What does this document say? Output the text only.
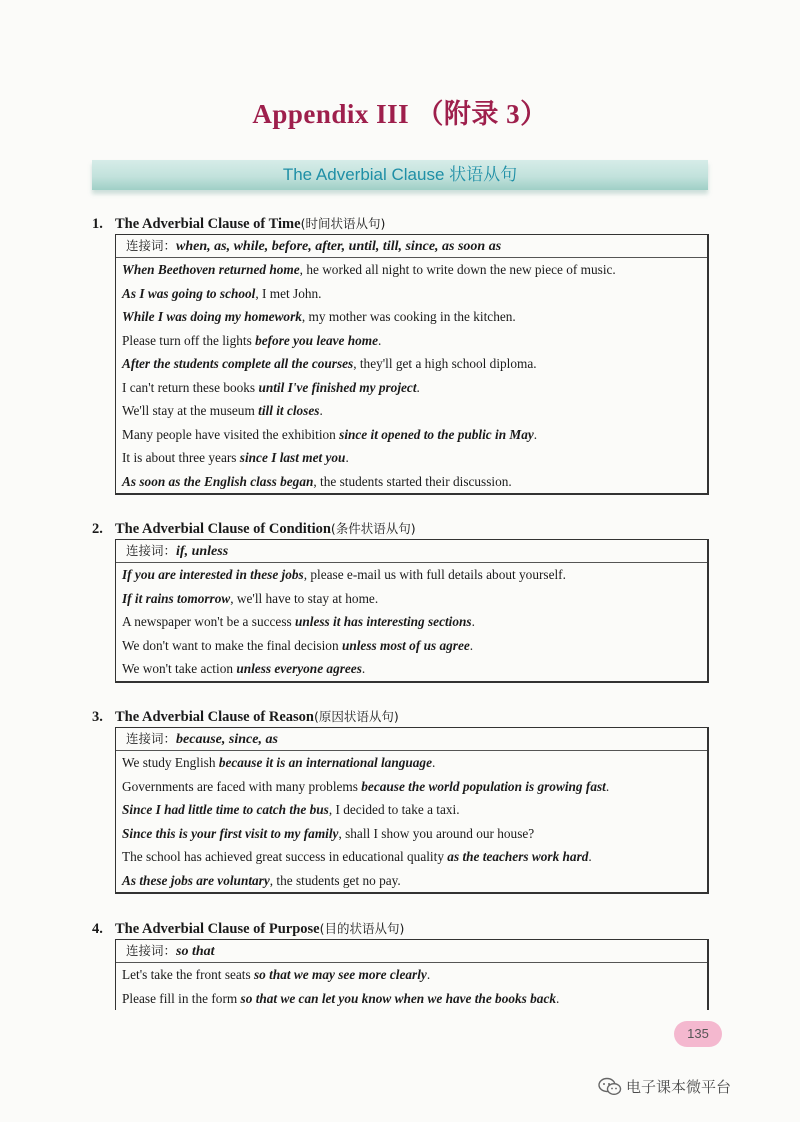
Appendix III （附录 3）
The Adverbial Clause 状语从句
1. The Adverbial Clause of Time(时间状语从句)
连接词：when, as, while, before, after, until, till, since, as soon as
When Beethoven returned home, he worked all night to write down the new piece of music.
As I was going to school, I met John.
While I was doing my homework, my mother was cooking in the kitchen.
Please turn off the lights before you leave home.
After the students complete all the courses, they'll get a high school diploma.
I can't return these books until I've finished my project.
We'll stay at the museum till it closes.
Many people have visited the exhibition since it opened to the public in May.
It is about three years since I last met you.
As soon as the English class began, the students started their discussion.
2. The Adverbial Clause of Condition(条件状语从句)
连接词：if, unless
If you are interested in these jobs, please e-mail us with full details about yourself.
If it rains tomorrow, we'll have to stay at home.
A newspaper won't be a success unless it has interesting sections.
We don't want to make the final decision unless most of us agree.
We won't take action unless everyone agrees.
3. The Adverbial Clause of Reason(原因状语从句)
连接词：because, since, as
We study English because it is an international language.
Governments are faced with many problems because the world population is growing fast.
Since I had little time to catch the bus, I decided to take a taxi.
Since this is your first visit to my family, shall I show you around our house?
The school has achieved great success in educational quality as the teachers work hard.
As these jobs are voluntary, the students get no pay.
4. The Adverbial Clause of Purpose(目的状语从句)
连接词：so that
Let's take the front seats so that we may see more clearly.
Please fill in the form so that we can let you know when we have the books back.
135
电子课本微平台
